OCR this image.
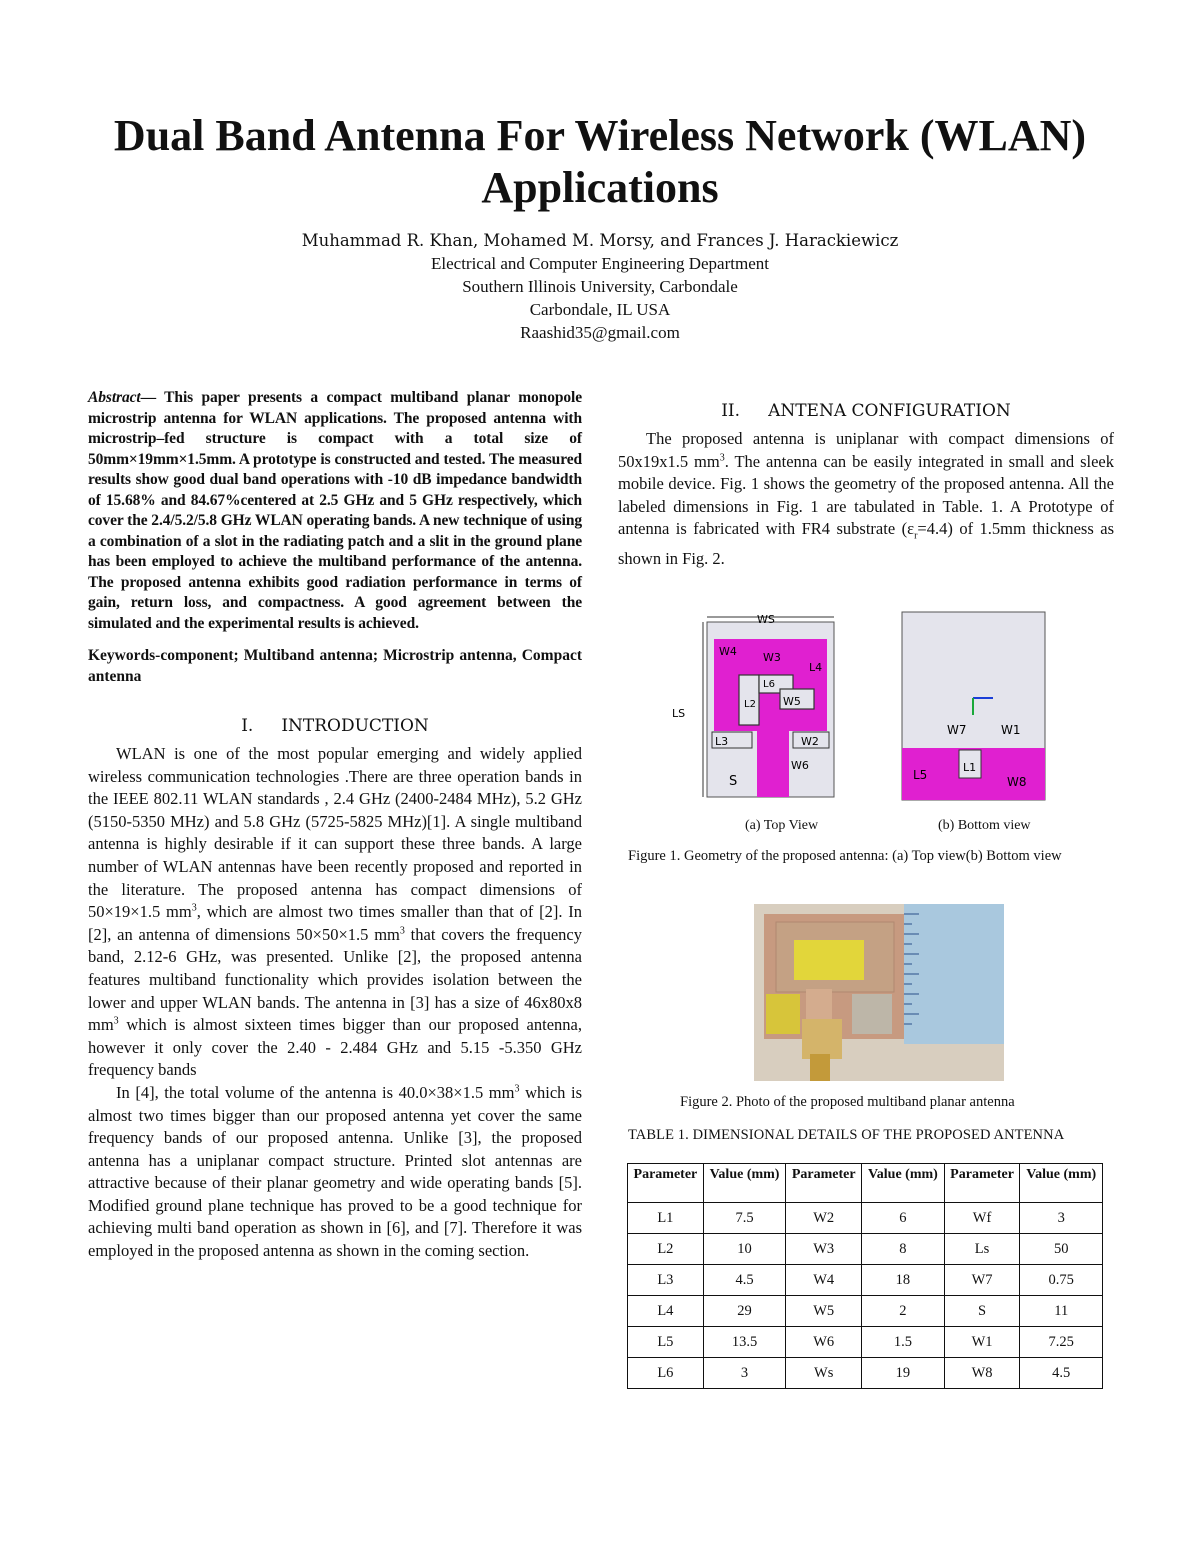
Dual Band Antenna For Wireless Network (WLAN) Applications
Muhammad R. Khan, Mohamed M. Morsy, and Frances J. Harackiewicz
Electrical and Computer Engineering Department
Southern Illinois University, Carbondale
Carbondale, IL USA
Raashid35@gmail.com
Abstract— This paper presents a compact multiband planar monopole microstrip antenna for WLAN applications. The proposed antenna with microstrip–fed structure is compact with a total size of 50mm×19mm×1.5mm. A prototype is constructed and tested. The measured results show good dual band operations with -10 dB impedance bandwidth of 15.68% and 84.67%centered at 2.5 GHz and 5 GHz respectively, which cover the 2.4/5.2/5.8 GHz WLAN operating bands. A new technique of using a combination of a slot in the radiating patch and a slit in the ground plane has been employed to achieve the multiband performance of the antenna. The proposed antenna exhibits good radiation performance in terms of gain, return loss, and compactness. A good agreement between the simulated and the experimental results is achieved.
Keywords-component; Multiband antenna; Microstrip antenna, Compact antenna
I. INTRODUCTION

WLAN is one of the most popular emerging and widely applied wireless communication technologies .There are three operation bands in the IEEE 802.11 WLAN standards , 2.4 GHz (2400-2484 MHz), 5.2 GHz (5150-5350 MHz) and 5.8 GHz (5725-5825 MHz)[1]. A single multiband antenna is highly desirable if it can support these three bands. A large number of WLAN antennas have been recently proposed and reported in the literature. The proposed antenna has compact dimensions of 50×19×1.5 $mm^3$, which are almost two times smaller than that of [2]. In [2], an antenna of dimensions 50×50×1.5 $mm^3$ that covers the frequency band, 2.12-6 GHz, was presented. Unlike [2], the proposed antenna features multiband functionality which provides isolation between the lower and upper WLAN bands. The antenna in [3] has a size of 46x80x8 $mm^3$ which is almost sixteen times bigger than our proposed antenna, however it only cover the 2.40 - 2.484 GHz and 5.15 -5.350 GHz frequency bands

In [4], the total volume of the antenna is 40.0×38×1.5 $mm^3$ which is almost two times bigger than our proposed antenna yet cover the same frequency bands of our proposed antenna. Unlike [3], the proposed antenna has a uniplanar compact structure. Printed slot antennas are attractive because of their planar geometry and wide operating bands [5]. Modified ground plane technique has proved to be a good technique for achieving multi band operation as shown in [6], and [7]. Therefore it was employed in the proposed antenna as shown in the coming section.

II. ANTENA CONFIGURATION

The proposed antenna is uniplanar with compact dimensions of 50x19x1.5 $mm^3$. The antenna can be easily integrated in small and sleek mobile device. Fig. 1 shows the geometry of the proposed antenna. All the labeled dimensions in Fig. 1 are tabulated in Table. 1. A Prototype of antenna is fabricated with FR4 substrate $(\varepsilon_r=4.4)$ of 1.5mm thickness as shown in Fig. 2.

WS
W4 W3
L4
L6
L2 W5
LS
L3	W2
W6
S
W7	W1
L5
L1
W8
(a) Top View	(b) Bottom view
Figure 1. Geometry of the proposed antenna: (a) Top view(b) Bottom view
Figure 2. Photo of the proposed multiband planar antenna
TABLE 1. DIMENSIONAL DETAILS OF THE PROPOSED ANTENNA
Parameter	Value (mm)	Parameter	Value (mm)	Parameter	Value (mm)
L1	7.5	W2	6	Wf	3
L2	10	W3	8	Ls	50
L3	4.5	W4	18	W7	0.75
L4	29	W5	2	S	11
L5	13.5	W6	1.5	W1	7.25
L6	3	Ws	19	W8	4.5
